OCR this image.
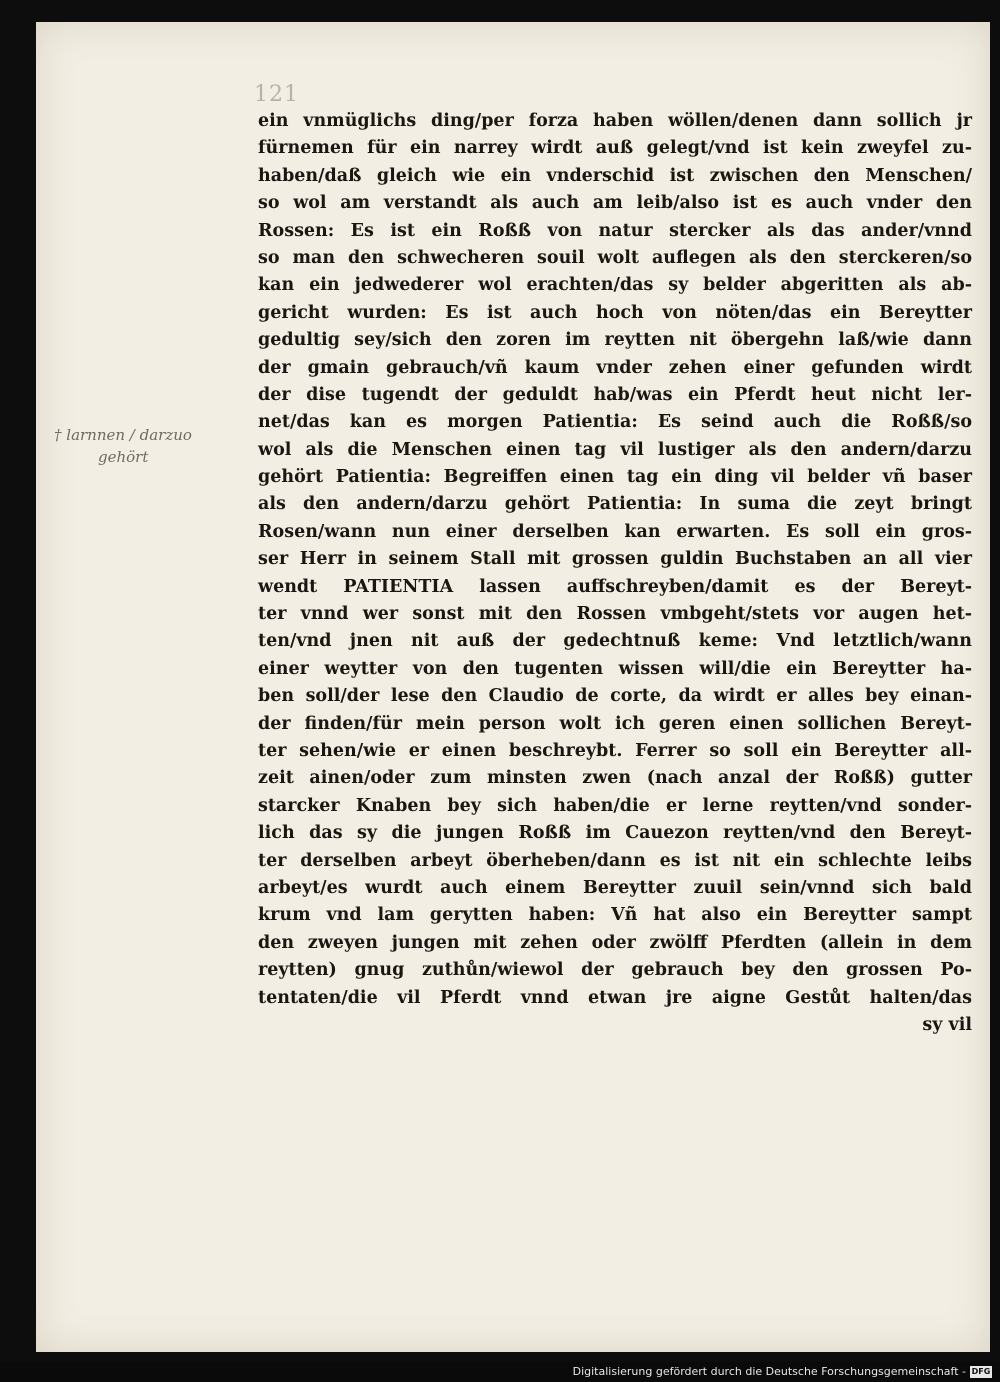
121
† larnnen / darzuo
gehört
ein vnmüglichs ding/per forza haben wöllen/denen dann sollich jr
fürnemen für ein narrey wirdt auß gelegt/vnd ist kein zweyfel zu-
haben/daß gleich wie ein vnderschid ist zwischen den Menschen/
so wol am verstandt als auch am leib/also ist es auch vnder den
Rossen: Es ist ein Roßß von natur stercker als das ander/vnnd
so man den schwecheren souil wolt auflegen als den sterckeren/so
kan ein jedwederer wol erachten/das sy belder abgeritten als ab-
gericht wurden: Es ist auch hoch von nöten/das ein Bereytter
gedultig sey/sich den zoren im reytten nit öbergehn laß/wie dann
der gmain gebrauch/vñ kaum vnder zehen einer gefunden wirdt
der dise tugendt der geduldt hab/was ein Pferdt heut nicht ler-
net/das kan es morgen Patientia: Es seind auch die Roßß/so
wol als die Menschen einen tag vil lustiger als den andern/darzu
gehört Patientia: Begreiffen einen tag ein ding vil belder vñ baser
als den andern/darzu gehört Patientia: In suma die zeyt bringt
Rosen/wann nun einer derselben kan erwarten. Es soll ein gros-
ser Herr in seinem Stall mit grossen guldin Buchstaben an all vier
wendt PATIENTIA lassen auffschreyben/damit es der Bereyt-
ter vnnd wer sonst mit den Rossen vmbgeht/stets vor augen het-
ten/vnd jnen nit auß der gedechtnuß keme: Vnd letztlich/wann
einer weytter von den tugenten wissen will/die ein Bereytter ha-
ben soll/der lese den Claudio de corte, da wirdt er alles bey einan-
der finden/für mein person wolt ich geren einen sollichen Bereyt-
ter sehen/wie er einen beschreybt. Ferrer so soll ein Bereytter all-
zeit ainen/oder zum minsten zwen (nach anzal der Roßß) gutter
starcker Knaben bey sich haben/die er lerne reytten/vnd sonder-
lich das sy die jungen Roßß im Cauezon reytten/vnd den Bereyt-
ter derselben arbeyt öberheben/dann es ist nit ein schlechte leibs
arbeyt/es wurdt auch einem Bereytter zuuil sein/vnnd sich bald
krum vnd lam gerytten haben: Vñ hat also ein Bereytter sampt
den zweyen jungen mit zehen oder zwölff Pferdten (allein in dem
reytten) gnug zuthůn/wiewol der gebrauch bey den grossen Po-
tentaten/die vil Pferdt vnnd etwan jre aigne Gestůt halten/das
sy vil
Digitalisierung gefördert durch die Deutsche Forschungsgemeinschaft - DFG
